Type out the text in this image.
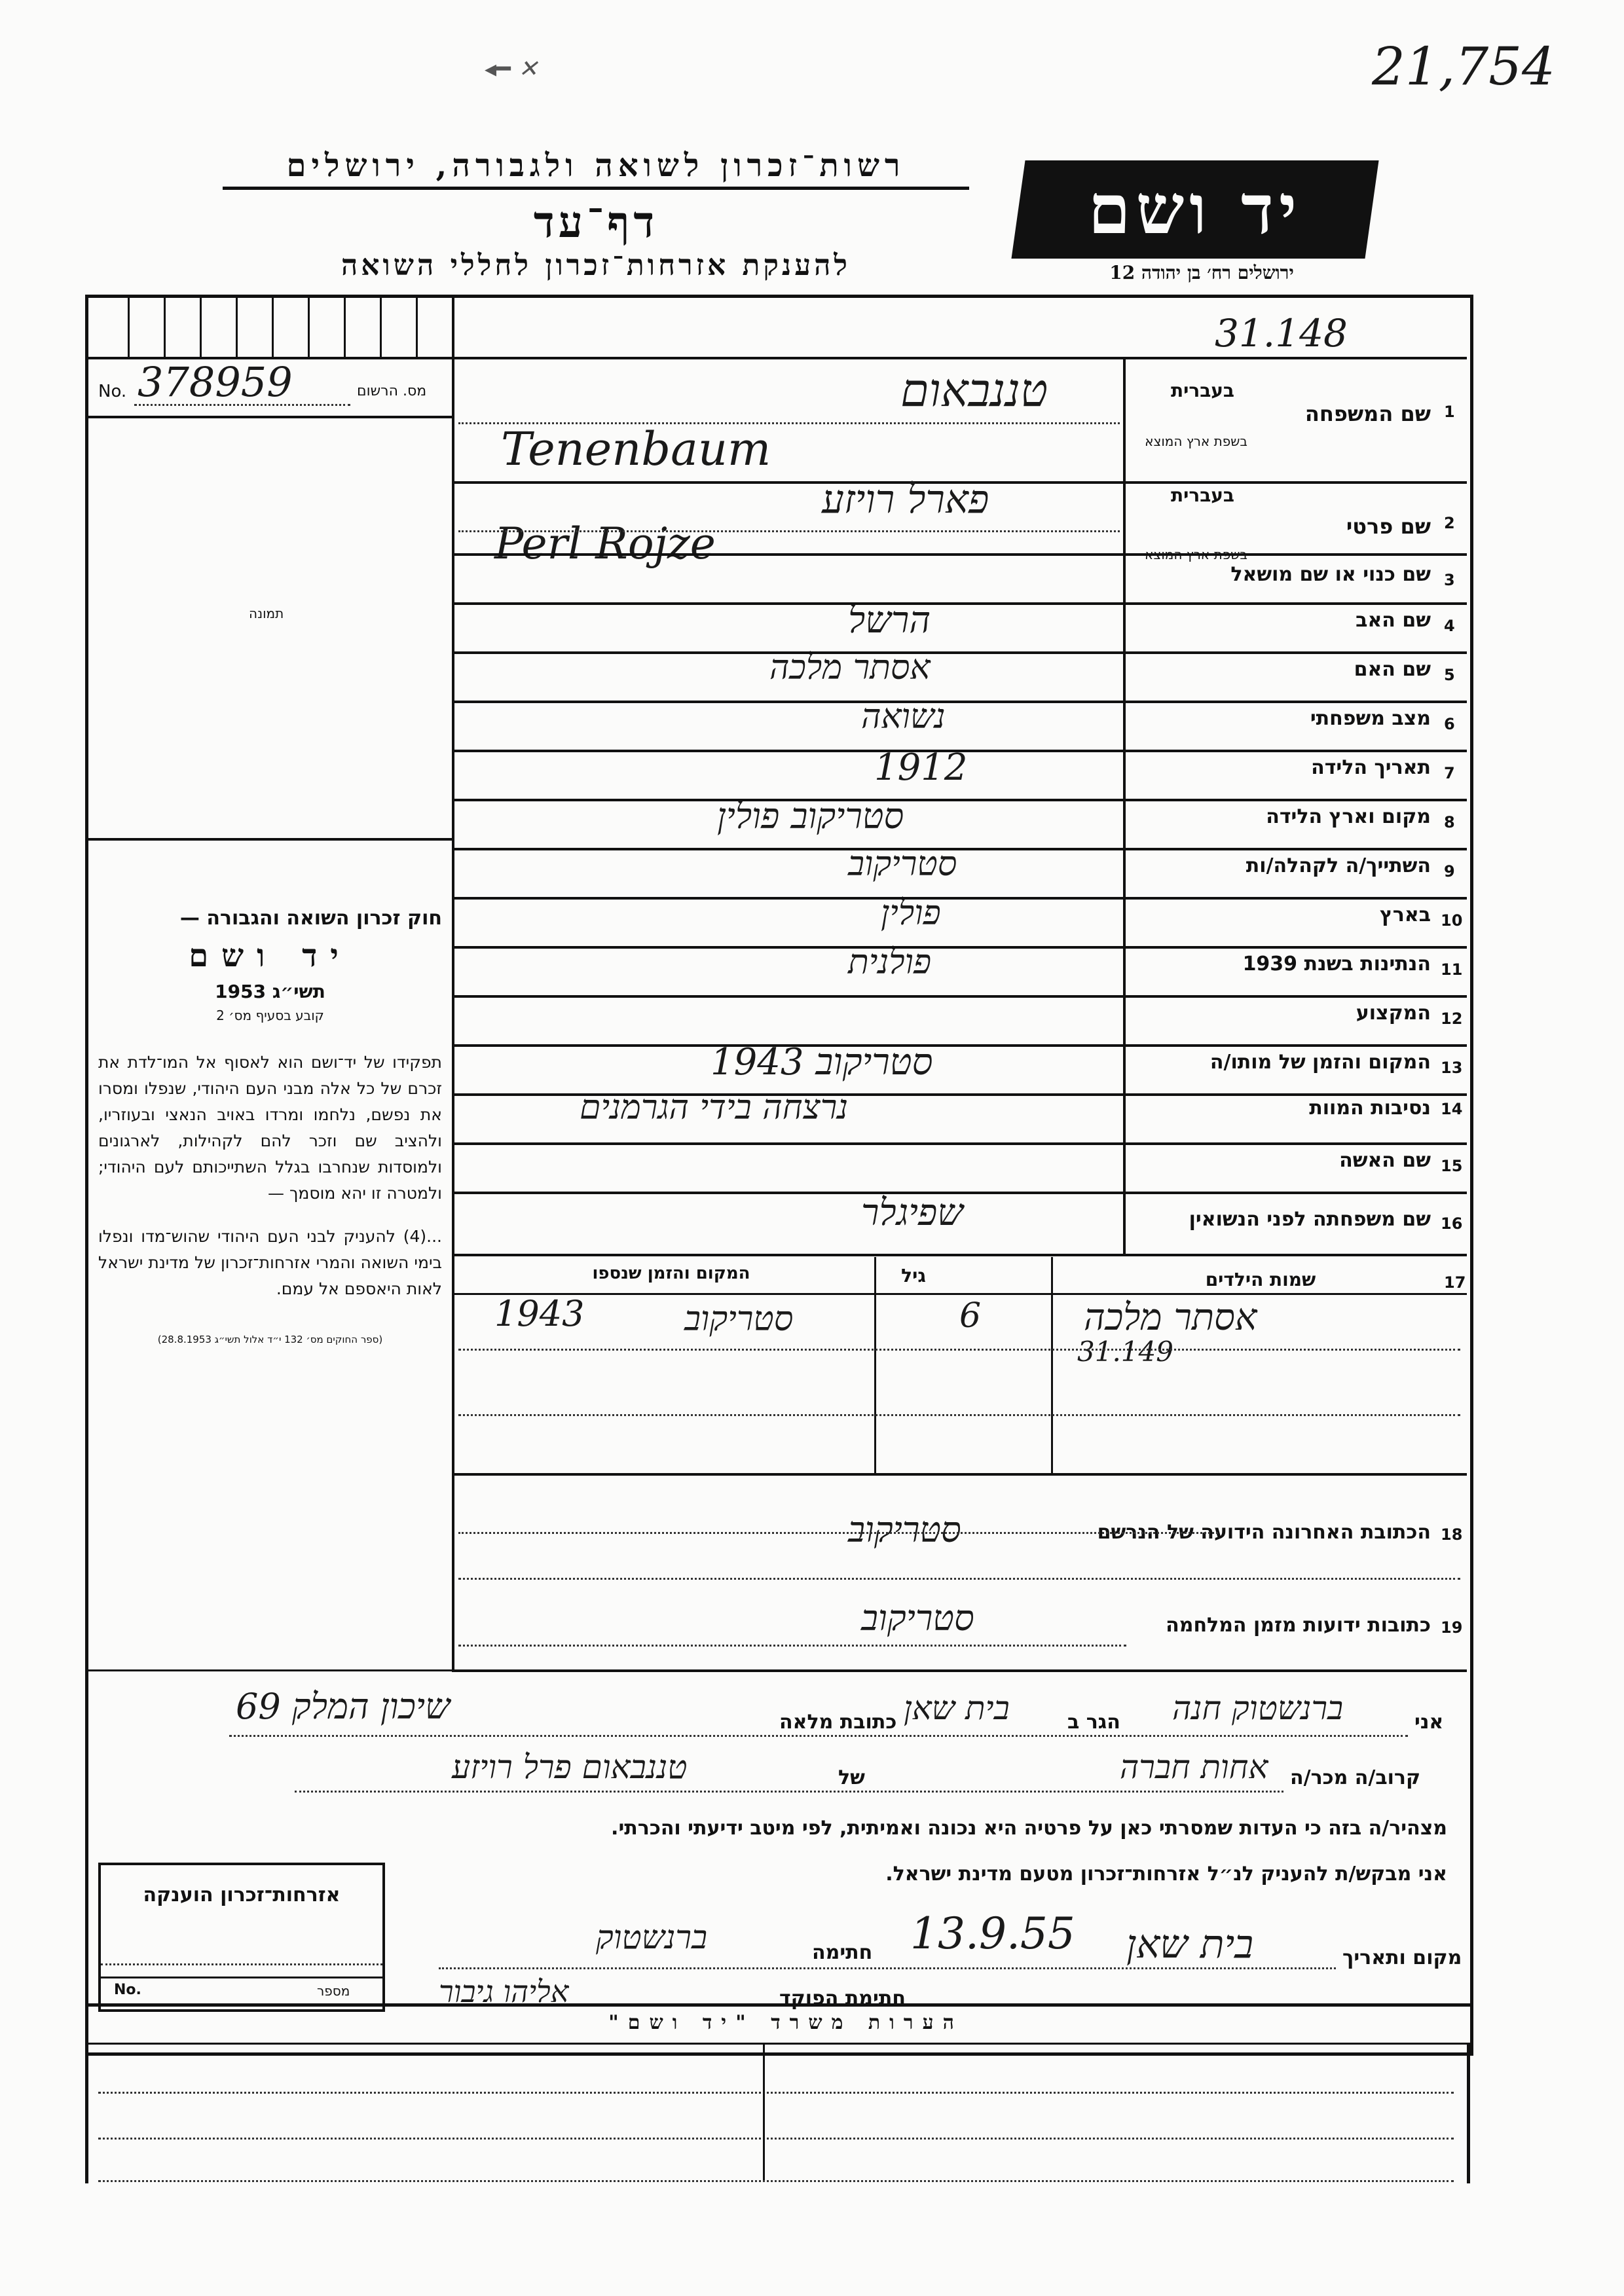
21,754
◂━ ✕
רשות־זכרון לשואה ולגבורה, ירושלים
דף־עד
להענקת אזרחות־זכרון לחללי השואה
יד ושם
ירושלים רח׳ בן יהודה 12
No. 378959	מס. הרשום
תמונה
חוק זכרון השואה והגבורה —
יד ושם
תשי״ג 1953
קובע בסעיף מס׳ 2
תפקידו של יד־ושם הוא לאסוף אל המו־לדת את זכרם של כל אלה מבני העם היהודי, שנפלו ומסרו את נפשם, נלחמו ומרדו באויב הנאצי ובעוזריו, ולהציב שם וזכר להם לקהילות, לארגונים ולמוסדות שנחרבו בגלל השתייכותם לעם היהודי; ולמטרה זו יהא מוסמך —
...(4) להעניק לבני העם היהודי שהוש־מדו ונפלו בימי השואה והמרי אזרחות־זכרון של מדינת ישראל לאות היאספם אל עמם.
(ספר החוקים מס׳ 132 י״ד אלול תשי״ג 28.8.1953)
31.148
1
שם המשפחה
בעברית
בשפת ארץ המוצא
טננבאום
Tenenbaum
2
שם פרטי
בעברית
בשפת ארץ המוצא
פארל רויזע
Perl Rojze
3
שם כנוי או שם מושאל
4
שם האב
הרשל
5
שם האם
אסתר מלכה
6
מצב משפחתי
נשואה
7
תאריך הלידה
1912
8
מקום וארץ הלידה
סטריקוב פולין
9
השתייך/ה לקהלה/ות
סטריקוב
10
בארץ
פולין
11
הנתינות בשנת 1939
פולנית
12
המקצוע
13
המקום והזמן של מותו/ה
סטריקוב 1943
14
נסיבות המוות
נרצחה בידי הגרמנים
15
שם האשה
16
שם משפחתה לפני הנשואין
שפיגלר
17
שמות הילדים
גיל
המקום והזמן שנספו
אסתר מלכה
31.149
6
סטריקוב
1943
18
הכתובת האחרונה הידועה של הנרשם
סטריקוב
19
כתובות ידועות מזמן המלחמה
סטריקוב
אני
ברנשטוק חנה
הגר ב
בית שאן
כתובת מלאה
שיכון המלק 69
קרוב/ה מכר/ה
אחות חברה
של
טננבאום פרל רויזע
מצהיר/ה בזה כי העדות שמסרתי כאן על פרטיה היא נכונה ואמיתית, לפי מיטב ידיעתי והכרתי.
אני מבקש/ת להעניק לנ״ל אזרחות־זכרון מטעם מדינת ישראל.
מקום ותאריך
בית שאן
13.9.55
חתימה
ברנשטוק
חתימת הפוקד
אליהו גיבור
אזרחות־זכרון הוענקה
No.	מספר
הערות משרד "יד ושם"
